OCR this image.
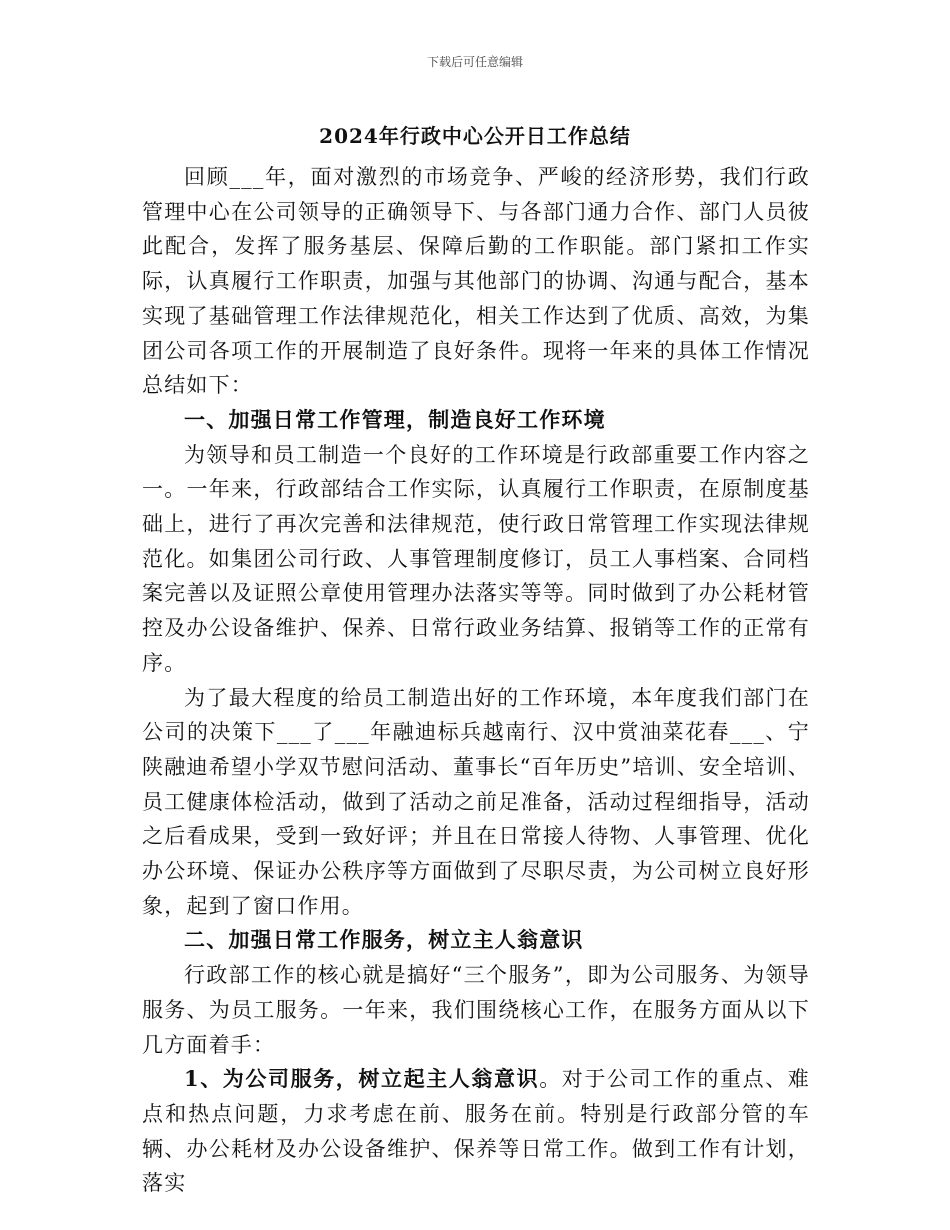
下载后可任意编辑
2024年行政中心公开日工作总结

回顾___年，面对激烈的市场竞争、严峻的经济形势，我们行政管理中心在公司领导的正确领导下、与各部门通力合作、部门人员彼此配合，发挥了服务基层、保障后勤的工作职能。部门紧扣工作实际，认真履行工作职责，加强与其他部门的协调、沟通与配合，基本实现了基础管理工作法律规范化，相关工作达到了优质、高效，为集团公司各项工作的开展制造了良好条件。现将一年来的具体工作情况总结如下：

一、加强日常工作管理，制造良好工作环境

为领导和员工制造一个良好的工作环境是行政部重要工作内容之一。一年来，行政部结合工作实际，认真履行工作职责，在原制度基础上，进行了再次完善和法律规范，使行政日常管理工作实现法律规范化。如集团公司行政、人事管理制度修订，员工人事档案、合同档案完善以及证照公章使用管理办法落实等等。同时做到了办公耗材管控及办公设备维护、保养、日常行政业务结算、报销等工作的正常有序。

为了最大程度的给员工制造出好的工作环境，本年度我们部门在公司的决策下___了___年融迪标兵越南行、汉中赏油菜花春___、宁陕融迪希望小学双节慰问活动、董事长“百年历史”培训、安全培训、员工健康体检活动，做到了活动之前足准备，活动过程细指导，活动之后看成果，受到一致好评；并且在日常接人待物、人事管理、优化办公环境、保证办公秩序等方面做到了尽职尽责，为公司树立良好形象，起到了窗口作用。

二、加强日常工作服务，树立主人翁意识

行政部工作的核心就是搞好“三个服务”，即为公司服务、为领导服务、为员工服务。一年来，我们围绕核心工作，在服务方面从以下几方面着手：

1、为公司服务，树立起主人翁意识。对于公司工作的重点、难点和热点问题，力求考虑在前、服务在前。特别是行政部分管的车辆、办公耗材及办公设备维护、保养等日常工作。做到工作有计划，落实
